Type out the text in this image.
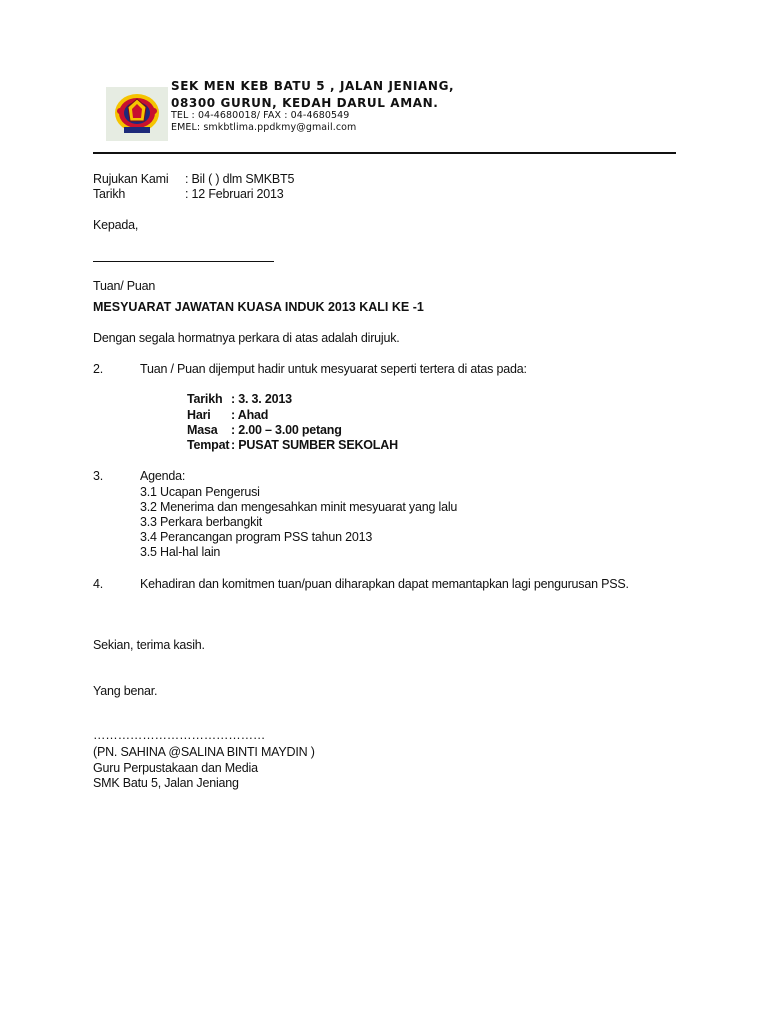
SEK MEN KEB BATU 5 , JALAN JENIANG,
08300 GURUN, KEDAH DARUL AMAN.
TEL : 04-4680018/ FAX : 04-4680549
EMEL: smkbtlima.ppdkmy@gmail.com
Rujukan Kami : Bil ( ) dlm SMKBT5
Tarikh	: 12 Februari 2013
Kepada,
Tuan/ Puan
MESYUARAT JAWATAN KUASA INDUK 2013 KALI KE -1
Dengan segala hormatnya perkara di atas adalah dirujuk.
2.	Tuan / Puan dijemput hadir untuk mesyuarat seperti tertera di atas pada:
Tarikh : 3. 3. 2013
Hari : Ahad
Masa : 2.00 – 3.00 petang
Tempat : PUSAT SUMBER SEKOLAH
3.	Agenda:
3.1 Ucapan Pengerusi
3.2 Menerima dan mengesahkan minit mesyuarat yang lalu
3.3 Perkara berbangkit
3.4 Perancangan program PSS tahun 2013
3.5 Hal-hal lain
4.	Kehadiran dan komitmen tuan/puan diharapkan dapat memantapkan lagi pengurusan PSS.
Sekian, terima kasih.
Yang benar.
……………………………………
(PN. SAHINA @SALINA BINTI MAYDIN )
Guru Perpustakaan dan Media
SMK Batu 5, Jalan Jeniang
